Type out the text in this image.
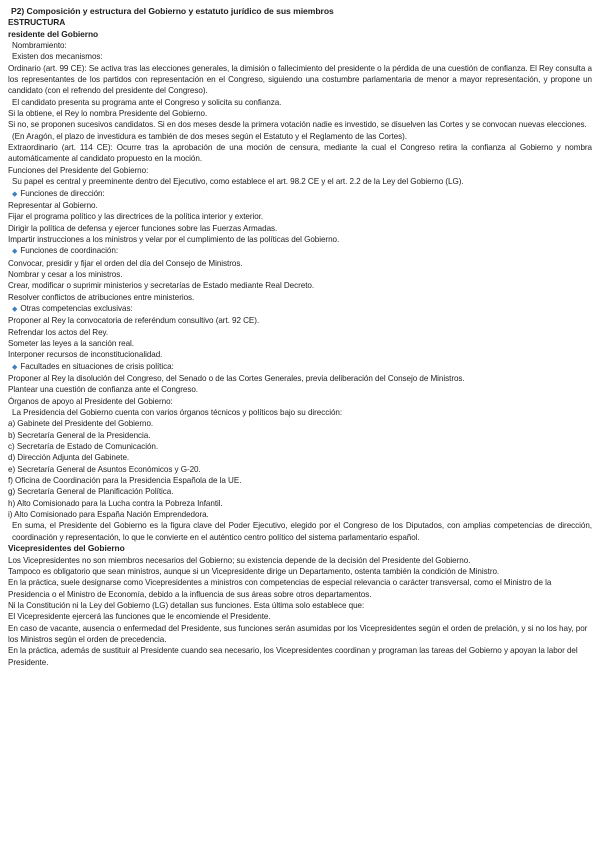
P2) Composición y estructura del Gobierno y estatuto jurídico de sus miembros

ESTRUCTURA

residente del Gobierno

Nombramiento:

Existen dos mecanismos:

Ordinario (art. 99 CE): Se activa tras las elecciones generales, la dimisión o fallecimiento del presidente o la pérdida de una cuestión de confianza. El Rey consulta a los representantes de los partidos con representación en el Congreso, siguiendo una costumbre parlamentaria de menor a mayor representación, y propone un candidato (con el refrendo del presidente del Congreso).

El candidato presenta su programa ante el Congreso y solicita su confianza.

Si la obtiene, el Rey lo nombra Presidente del Gobierno.

Si no, se proponen sucesivos candidatos. Si en dos meses desde la primera votación nadie es investido, se disuelven las Cortes y se convocan nuevas elecciones.

(En Aragón, el plazo de investidura es también de dos meses según el Estatuto y el Reglamento de las Cortes).

Extraordinario (art. 114 CE): Ocurre tras la aprobación de una moción de censura, mediante la cual el Congreso retira la confianza al Gobierno y nombra automáticamente al candidato propuesto en la moción.

Funciones del Presidente del Gobierno:

Su papel es central y preeminente dentro del Ejecutivo, como establece el art. 98.2 CE y el art. 2.2 de la Ley del Gobierno (LG).

◆ Funciones de dirección:

Representar al Gobierno.

Fijar el programa político y las directrices de la política interior y exterior.

Dirigir la política de defensa y ejercer funciones sobre las Fuerzas Armadas.

Impartir instrucciones a los ministros y velar por el cumplimiento de las políticas del Gobierno.

◆ Funciones de coordinación:

Convocar, presidir y fijar el orden del día del Consejo de Ministros.

Nombrar y cesar a los ministros.

Crear, modificar o suprimir ministerios y secretarías de Estado mediante Real Decreto.

Resolver conflictos de atribuciones entre ministerios.

◆ Otras competencias exclusivas:

Proponer al Rey la convocatoria de referéndum consultivo (art. 92 CE).

Refrendar los actos del Rey.

Someter las leyes a la sanción real.

Interponer recursos de inconstitucionalidad.

◆ Facultades en situaciones de crisis política:

Proponer al Rey la disolución del Congreso, del Senado o de las Cortes Generales, previa deliberación del Consejo de Ministros.

Plantear una cuestión de confianza ante el Congreso.

Órganos de apoyo al Presidente del Gobierno:

La Presidencia del Gobierno cuenta con varios órganos técnicos y políticos bajo su dirección:

a) Gabinete del Presidente del Gobierno.

b) Secretaría General de la Presidencia.

c) Secretaría de Estado de Comunicación.

d) Dirección Adjunta del Gabinete.

e) Secretaría General de Asuntos Económicos y G-20.

f) Oficina de Coordinación para la Presidencia Española de la UE.

g) Secretaría General de Planificación Política.

h) Alto Comisionado para la Lucha contra la Pobreza Infantil.

i) Alto Comisionado para España Nación Emprendedora.

En suma, el Presidente del Gobierno es la figura clave del Poder Ejecutivo, elegido por el Congreso de los Diputados, con amplias competencias de dirección, coordinación y representación, lo que le convierte en el auténtico centro político del sistema parlamentario español.

Vicepresidentes del Gobierno

Los Vicepresidentes no son miembros necesarios del Gobierno; su existencia depende de la decisión del Presidente del Gobierno.

Tampoco es obligatorio que sean ministros, aunque si un Vicepresidente dirige un Departamento, ostenta también la condición de Ministro.

En la práctica, suele designarse como Vicepresidentes a ministros con competencias de especial relevancia o carácter transversal, como el Ministro de la Presidencia o el Ministro de Economía, debido a la influencia de sus áreas sobre otros departamentos.

Ni la Constitución ni la Ley del Gobierno (LG) detallan sus funciones. Esta última solo establece que:

El Vicepresidente ejercerá las funciones que le encomiende el Presidente.

En caso de vacante, ausencia o enfermedad del Presidente, sus funciones serán asumidas por los Vicepresidentes según el orden de prelación, y si no los hay, por los Ministros según el orden de precedencia.

En la práctica, además de sustituir al Presidente cuando sea necesario, los Vicepresidentes coordinan y programan las tareas del Gobierno y apoyan la labor del Presidente.
